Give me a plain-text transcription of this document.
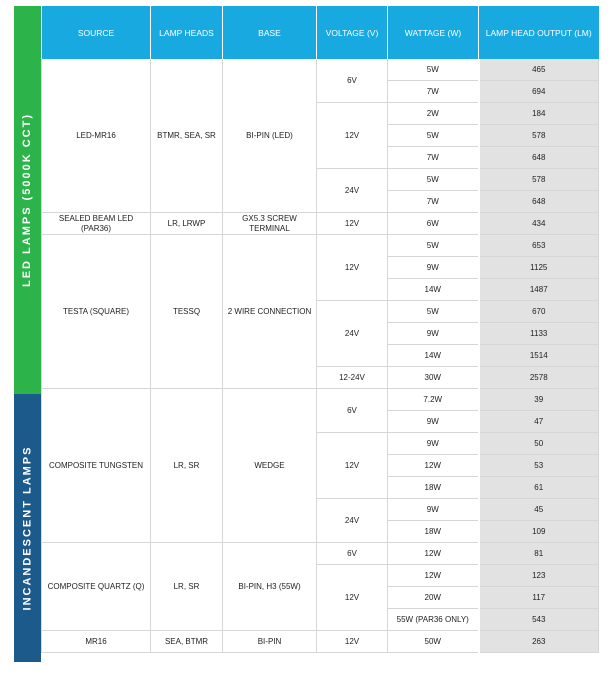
LED LAMPS (5000K CCT)
INCANDESCENT LAMPS
SOURCE	LAMP HEADS	BASE	VOLTAGE (V)	WATTAGE (W)	LAMP HEAD OUTPUT (LM)
LED-MR16	BTMR, SEA, SR	BI-PIN (LED)	6V	5W	465
				7W	694
			12V	2W	184
				5W	578
				7W	648
			24V	5W	578
				7W	648
SEALED BEAM LED (PAR36)	LR, LRWP	GX5.3 SCREW TERMINAL	12V	6W	434
TESTA (SQUARE)	TESSQ	2 WIRE CONNECTION	12V	5W	653
				9W	1125
				14W	1487
			24V	5W	670
				9W	1133
				14W	1514
			12-24V	30W	2578
COMPOSITE TUNGSTEN	LR, SR	WEDGE	6V	7.2W	39
				9W	47
			12V	9W	50
				12W	53
				18W	61
			24V	9W	45
				18W	109
COMPOSITE QUARTZ (Q)	LR, SR	BI-PIN, H3 (55W)	6V	12W	81
			12V	12W	123
				20W	117
				55W (PAR36 ONLY)	543
MR16	SEA, BTMR	BI-PIN	12V	50W	263
